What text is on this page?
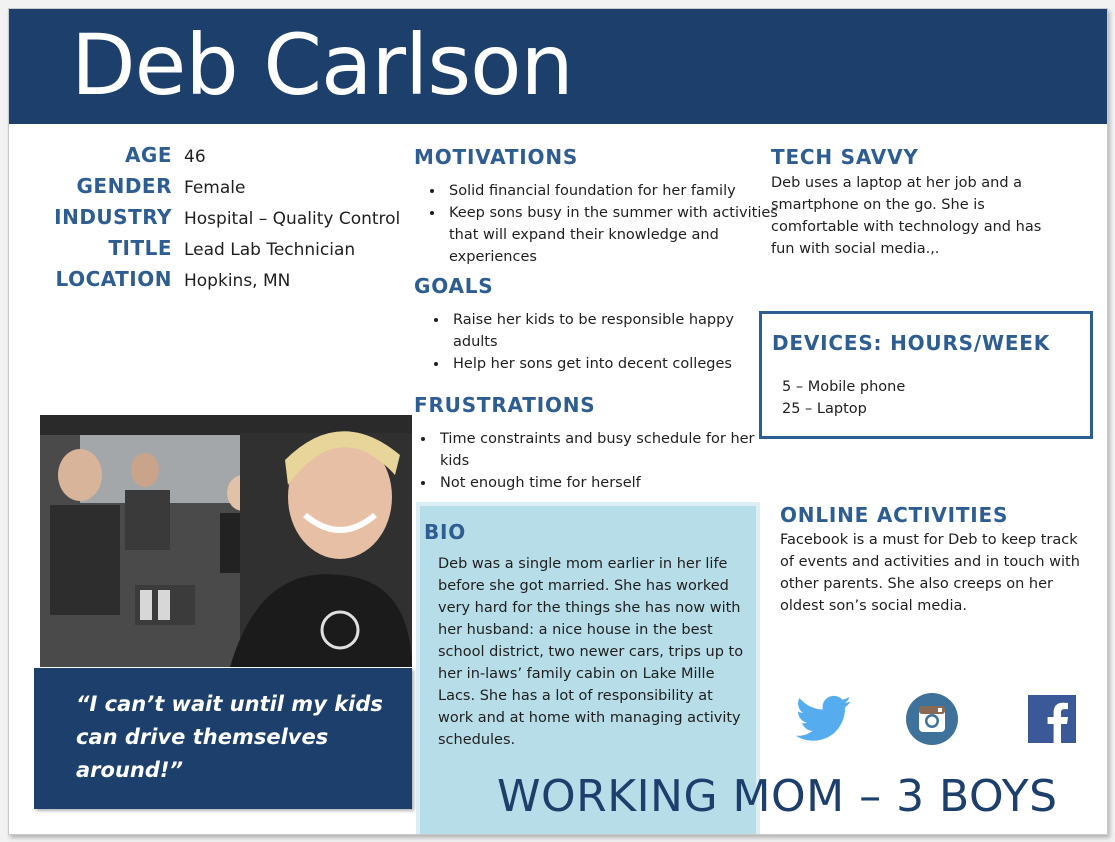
Deb Carlson
AGE 46
GENDER Female
INDUSTRY Hospital – Quality Control
TITLE Lead Lab Technician
LOCATION Hopkins, MN
“I can’t wait until my kids can drive themselves around!”
MOTIVATIONS
• Solid financial foundation for her family
• Keep sons busy in the summer with activities that will expand their knowledge and experiences
GOALS
• Raise her kids to be responsible happy adults
• Help her sons get into decent colleges
FRUSTRATIONS
• Time constraints and busy schedule for her kids
• Not enough time for herself
BIO
Deb was a single mom earlier in her life before she got married. She has worked very hard for the things she has now with her husband: a nice house in the best school district, two newer cars, trips up to her in-laws’ family cabin on Lake Mille Lacs. She has a lot of responsibility at work and at home with managing activity schedules.
TECH SAVVY
Deb uses a laptop at her job and a smartphone on the go. She is comfortable with technology and has fun with social media.,.
DEVICES: HOURS/WEEK
5 – Mobile phone
25 – Laptop
ONLINE ACTIVITIES
Facebook is a must for Deb to keep track of events and activities and in touch with other parents. She also creeps on her oldest son’s social media.
WORKING MOM – 3 BOYS
